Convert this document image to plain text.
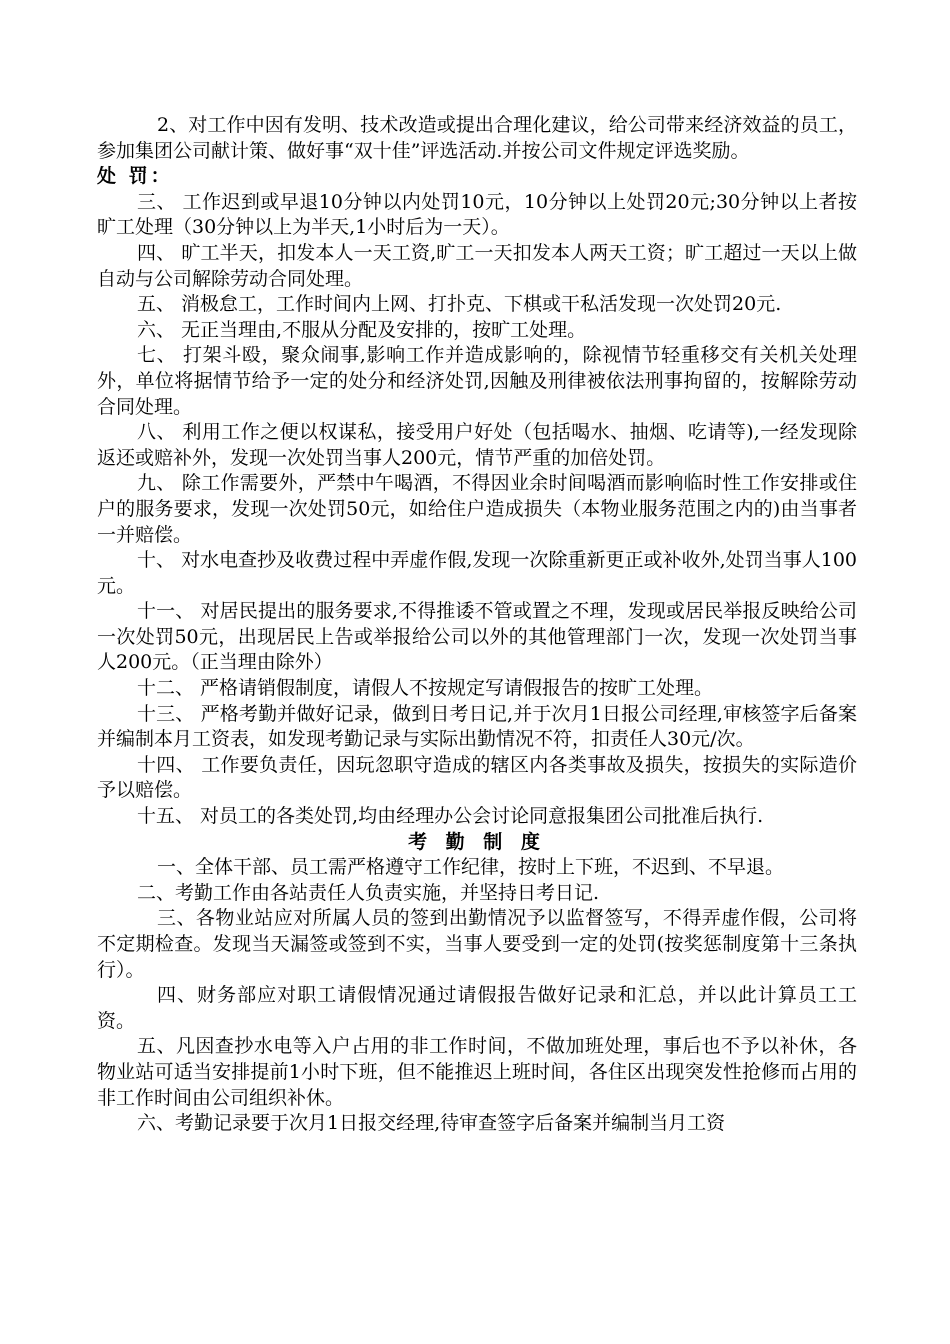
2、对工作中因有发明、技术改造或提出合理化建议，给公司带来经济效益的员工，参加集团公司献计策、做好事“双十佳”评选活动.并按公司文件规定评选奖励。

处 罚：

三、 工作迟到或早退10分钟以内处罚10元，10分钟以上处罚20元;30分钟以上者按旷工处理（30分钟以上为半天,1小时后为一天）。

四、 旷工半天，扣发本人一天工资,旷工一天扣发本人两天工资；旷工超过一天以上做自动与公司解除劳动合同处理。

五、 消极怠工，工作时间内上网、打扑克、下棋或干私活发现一次处罚20元.

六、 无正当理由,不服从分配及安排的，按旷工处理。

七、 打架斗殴，聚众闹事,影响工作并造成影响的，除视情节轻重移交有关机关处理外，单位将据情节给予一定的处分和经济处罚,因触及刑律被依法刑事拘留的，按解除劳动合同处理。

八、 利用工作之便以权谋私，接受用户好处（包括喝水、抽烟、吃请等),一经发现除返还或赔补外，发现一次处罚当事人200元，情节严重的加倍处罚。

九、 除工作需要外，严禁中午喝酒，不得因业余时间喝酒而影响临时性工作安排或住户的服务要求，发现一次处罚50元，如给住户造成损失（本物业服务范围之内的)由当事者一并赔偿。

十、 对水电查抄及收费过程中弄虚作假,发现一次除重新更正或补收外,处罚当事人100元。

十一、 对居民提出的服务要求,不得推诿不管或置之不理，发现或居民举报反映给公司一次处罚50元，出现居民上告或举报给公司以外的其他管理部门一次，发现一次处罚当事人200元。（正当理由除外）

十二、 严格请销假制度，请假人不按规定写请假报告的按旷工处理。

十三、 严格考勤并做好记录，做到日考日记,并于次月1日报公司经理,审核签字后备案并编制本月工资表，如发现考勤记录与实际出勤情况不符，扣责任人30元/次。

十四、 工作要负责任，因玩忽职守造成的辖区内各类事故及损失，按损失的实际造价予以赔偿。

十五、 对员工的各类处罚,均由经理办公会讨论同意报集团公司批准后执行.

考 勤 制 度

一、全体干部、员工需严格遵守工作纪律，按时上下班，不迟到、不早退。

二、考勤工作由各站责任人负责实施，并坚持日考日记.

三、各物业站应对所属人员的签到出勤情况予以监督签写，不得弄虚作假，公司将不定期检查。发现当天漏签或签到不实，当事人要受到一定的处罚(按奖惩制度第十三条执行）。

四、财务部应对职工请假情况通过请假报告做好记录和汇总，并以此计算员工工资。

五、凡因查抄水电等入户占用的非工作时间，不做加班处理，事后也不予以补休，各物业站可适当安排提前1小时下班，但不能推迟上班时间，各住区出现突发性抢修而占用的非工作时间由公司组织补休。

六、考勤记录要于次月1日报交经理,待审查签字后备案并编制当月工资
